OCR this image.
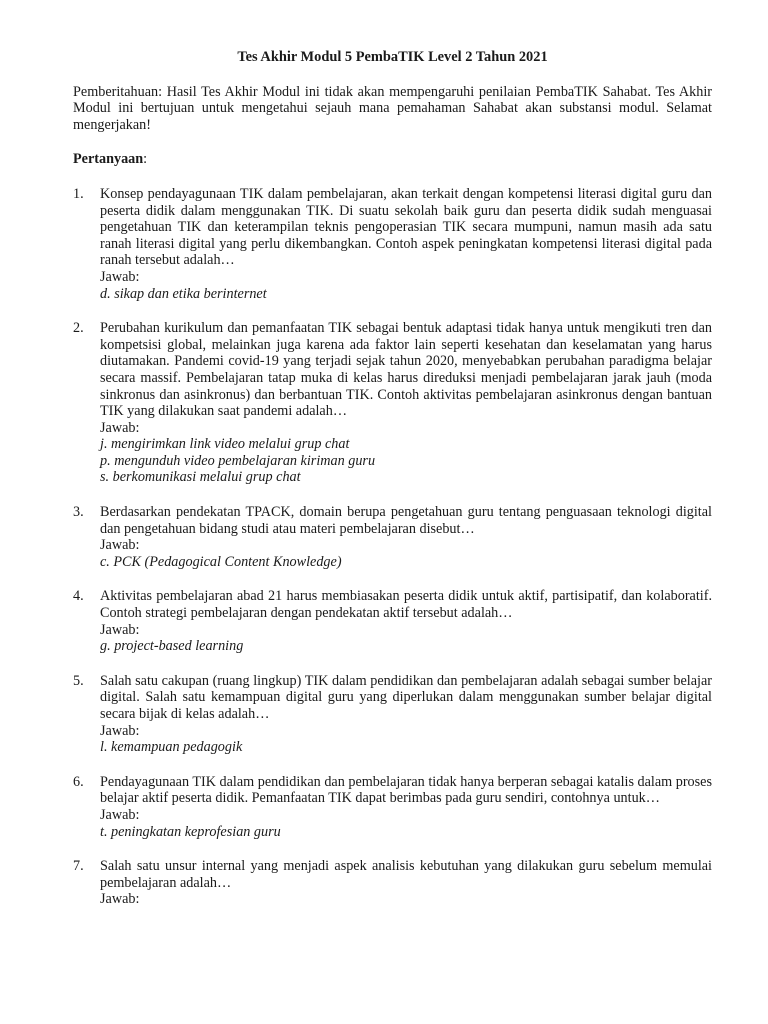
Tes Akhir Modul 5 PembaTIK Level 2 Tahun 2021
Pemberitahuan: Hasil Tes Akhir Modul ini tidak akan mempengaruhi penilaian PembaTIK Sahabat. Tes Akhir Modul ini bertujuan untuk mengetahui sejauh mana pemahaman Sahabat akan substansi modul. Selamat mengerjakan!
Pertanyaan:
1. Konsep pendayagunaan TIK dalam pembelajaran, akan terkait dengan kompetensi literasi digital guru dan peserta didik dalam menggunakan TIK. Di suatu sekolah baik guru dan peserta didik sudah menguasai pengetahuan TIK dan keterampilan teknis pengoperasian TIK secara mumpuni, namun masih ada satu ranah literasi digital yang perlu dikembangkan. Contoh aspek peningkatan kompetensi literasi digital pada ranah tersebut adalah…
Jawab:
d. sikap dan etika berinternet
2. Perubahan kurikulum dan pemanfaatan TIK sebagai bentuk adaptasi tidak hanya untuk mengikuti tren dan kompetsisi global, melainkan juga karena ada faktor lain seperti kesehatan dan keselamatan yang harus diutamakan. Pandemi covid-19 yang terjadi sejak tahun 2020, menyebabkan perubahan paradigma belajar secara massif. Pembelajaran tatap muka di kelas harus direduksi menjadi pembelajaran jarak jauh (moda sinkronus dan asinkronus) dan berbantuan TIK. Contoh aktivitas pembelajaran asinkronus dengan bantuan TIK yang dilakukan saat pandemi adalah…
Jawab:
j. mengirimkan link video melalui grup chat
p. mengunduh video pembelajaran kiriman guru
s. berkomunikasi melalui grup chat
3. Berdasarkan pendekatan TPACK, domain berupa pengetahuan guru tentang penguasaan teknologi digital dan pengetahuan bidang studi atau materi pembelajaran disebut…
Jawab:
c. PCK (Pedagogical Content Knowledge)
4. Aktivitas pembelajaran abad 21 harus membiasakan peserta didik untuk aktif, partisipatif, dan kolaboratif. Contoh strategi pembelajaran dengan pendekatan aktif tersebut adalah…
Jawab:
g. project-based learning
5. Salah satu cakupan (ruang lingkup) TIK dalam pendidikan dan pembelajaran adalah sebagai sumber belajar digital. Salah satu kemampuan digital guru yang diperlukan dalam menggunakan sumber belajar digital secara bijak di kelas adalah…
Jawab:
l. kemampuan pedagogik
6. Pendayagunaan TIK dalam pendidikan dan pembelajaran tidak hanya berperan sebagai katalis dalam proses belajar aktif peserta didik. Pemanfaatan TIK dapat berimbas pada guru sendiri, contohnya untuk…
Jawab:
t. peningkatan keprofesian guru
7. Salah satu unsur internal yang menjadi aspek analisis kebutuhan yang dilakukan guru sebelum memulai pembelajaran adalah…
Jawab:
